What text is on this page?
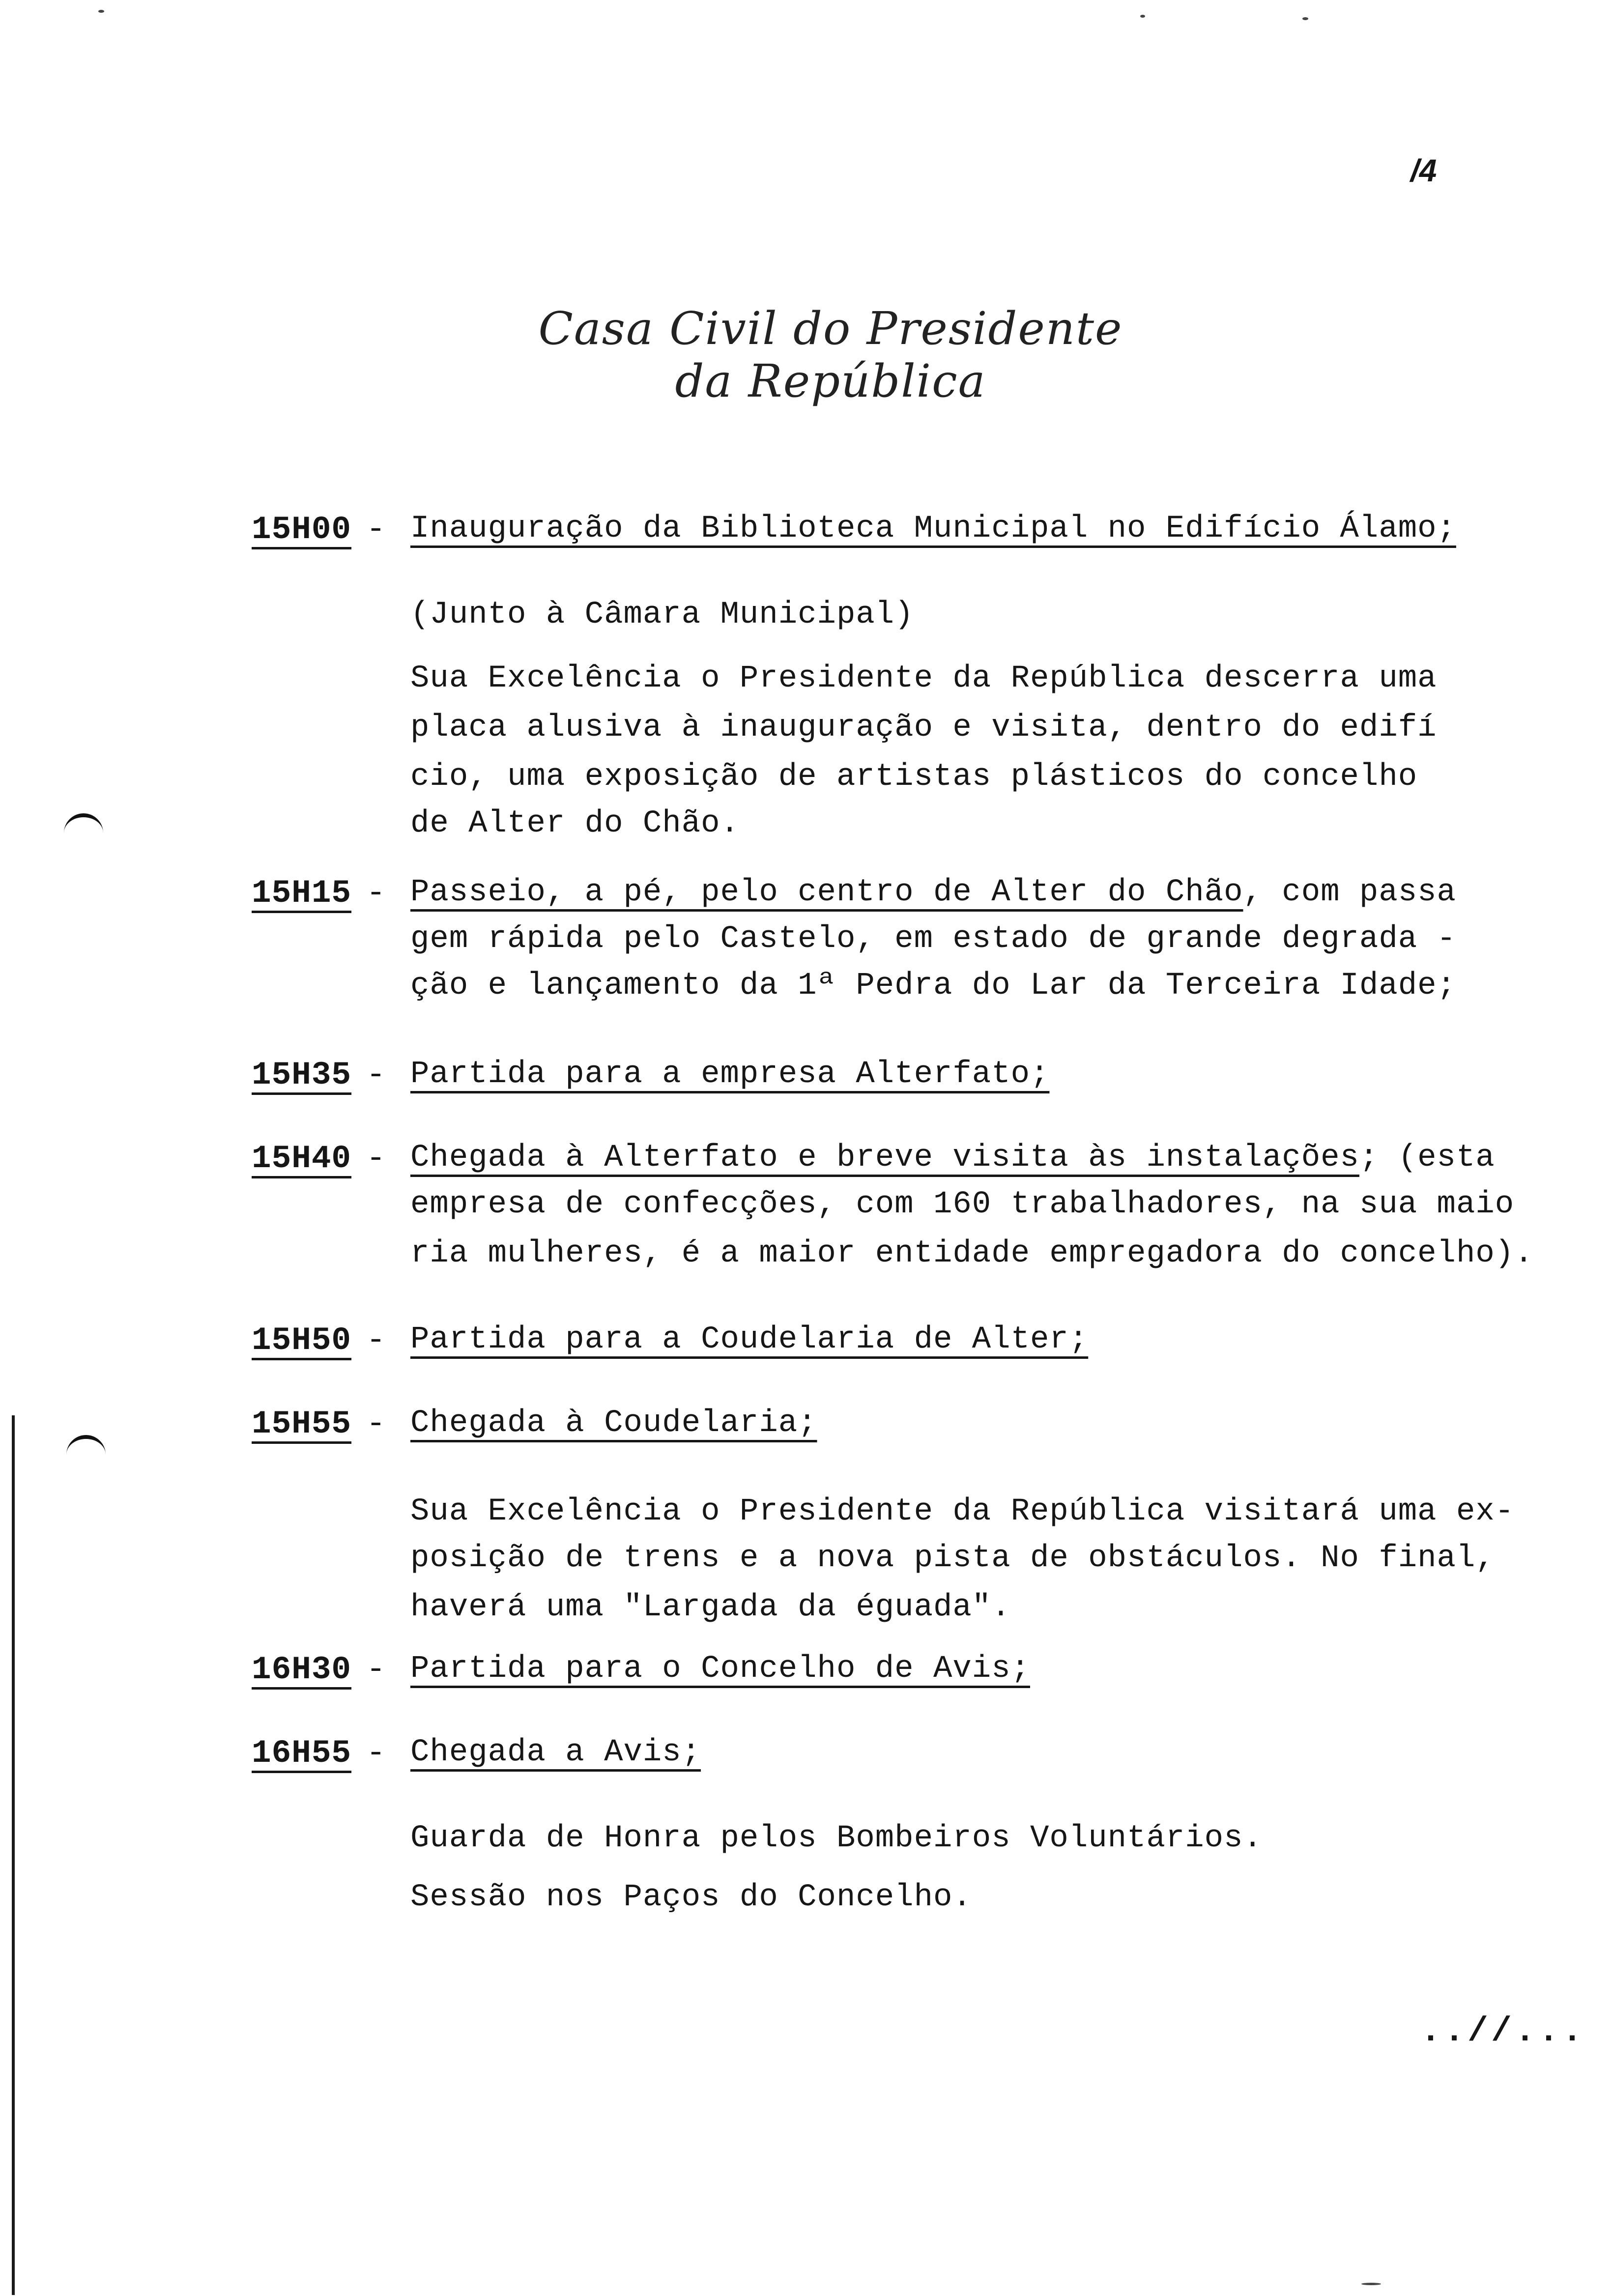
/4
Casa Civil do Presidente da República
15H00 - Inauguração da Biblioteca Municipal no Edifício Álamo;
(Junto à Câmara Municipal)
Sua Excelência o Presidente da República descerra uma
placa alusiva à inauguração e visita, dentro do edifí
cio, uma exposição de artistas plásticos do concelho
de Alter do Chão.
15H15 - Passeio, a pé, pelo centro de Alter do Chão, com passa
gem rápida pelo Castelo, em estado de grande degrada -
ção e lançamento da 1ª Pedra do Lar da Terceira Idade;
15H35 - Partida para a empresa Alterfato;
15H40 - Chegada à Alterfato e breve visita às instalações; (esta
empresa de confecções, com 160 trabalhadores, na sua maio
ria mulheres, é a maior entidade empregadora do concelho).
15H50 - Partida para a Coudelaria de Alter;
15H55 - Chegada à Coudelaria;
Sua Excelência o Presidente da República visitará uma ex-
posição de trens e a nova pista de obstáculos. No final,
haverá uma "Largada da éguada".
16H30 - Partida para o Concelho de Avis;
16H55 - Chegada a Avis;
Guarda de Honra pelos Bombeiros Voluntários.
Sessão nos Paços do Concelho.
..//...
